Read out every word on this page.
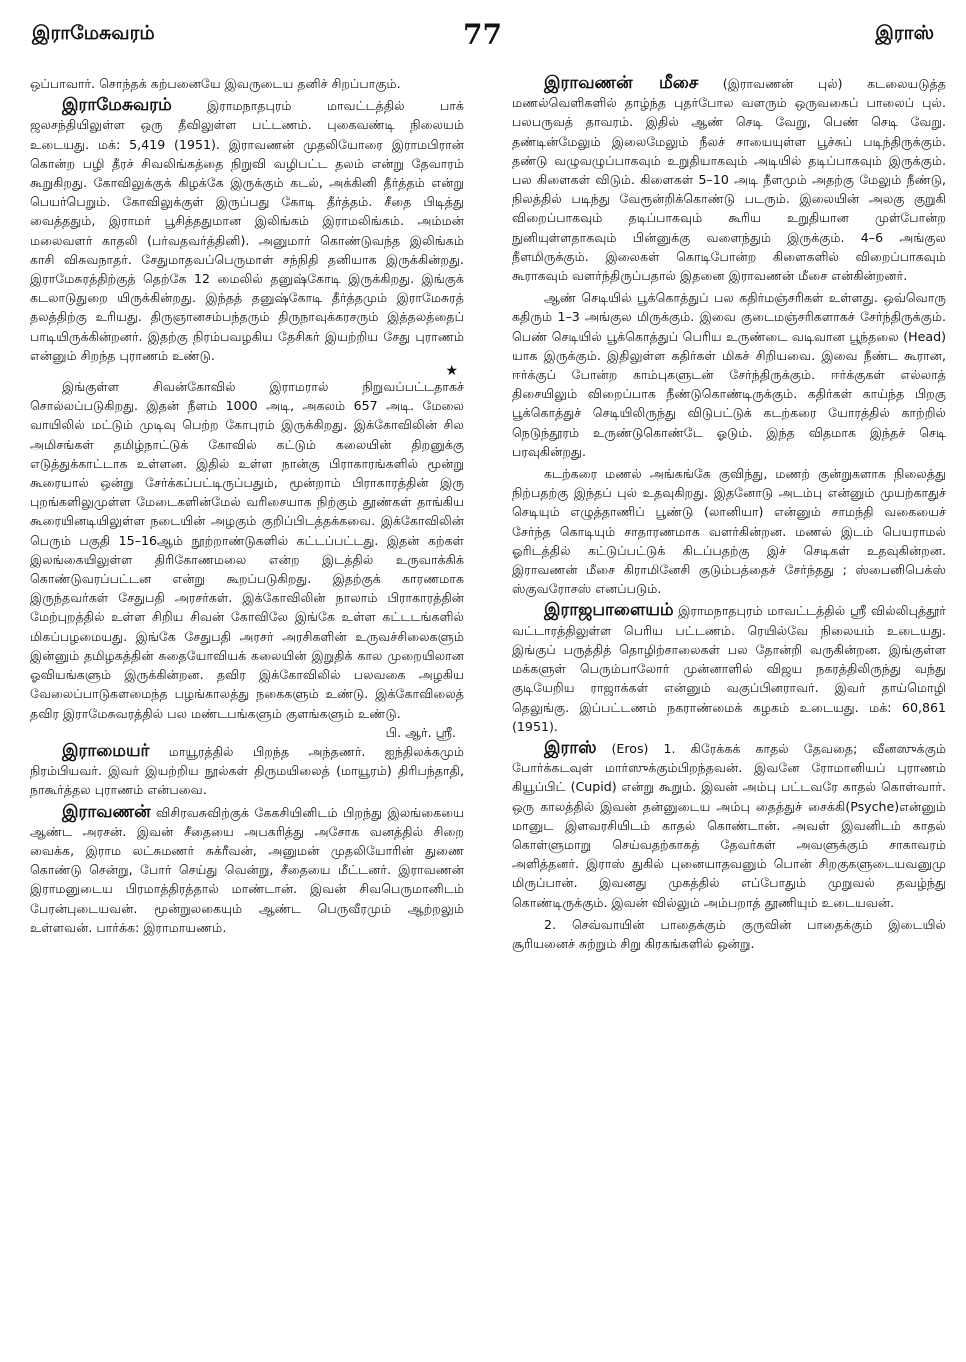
இராமேசுவரம்	77	இராஸ்

ஒப்பாவார். சொந்தக் கற்பனையே இவருடைய தனிச் சிறப்பாகும்.

இராமேசுவரம் இராமநாதபுரம் மாவட்டத்தில் பாக் ஜலசந்தியிலுள்ள ஒரு தீவிலுள்ள பட்டணம். புகைவண்டி நிலையம் உடையது. மக்: 5,419 (1951). இராவணன் முதலியோரை இராமபிரான் கொன்ற பழி தீரச் சிவலிங்கத்தை நிறுவி வழிபட்ட தலம் என்று தேவாரம் கூறுகிறது. கோவிலுக்குக் கிழக்கே இருக்கும் கடல், அக்கினி தீர்த்தம் என்று பெயர்பெறும். கோவிலுக்குள் இருப்பது கோடி தீர்த்தம். சீதை பிடித்து வைத்ததும், இராமர் பூசித்ததுமான இலிங்கம் இராமலிங்கம். அம்மன் மலைவளர் காதலி (பர்வதவர்த்தினி). அனுமார் கொண்டுவந்த இலிங்கம் காசி விசுவநாதர். சேதுமாதவப்பெருமாள் சந்நிதி தனியாக இருக்கின்றது. இராமேசுரத்திற்குத் தெற்கே 12 மைலில் தனுஷ்கோடி இருக்கிறது. இங்குக் கடலாடுதுறை யிருக்கின்றது. இந்தத் தனுஷ்கோடி தீர்த்தமும் இராமேசுரத் தலத்திற்கு உரியது. திருஞானசம்பந்தரும் திருநாவுக்கரசரும் இத்தலத்தைப் பாடியிருக்கின்றனர். இதற்கு நிரம்பவழகிய தேசிகர் இயற்றிய சேது புராணம் என்னும் சிறந்த புராணம் உண்டு.

★

இங்குள்ள சிவன்கோவில் இராமரால் நிறுவப்பட்டதாகச் சொல்லப்படுகிறது. இதன் நீளம் 1000 அடி, அகலம் 657 அடி. மேலை வாயிலில் மட்டும் முடிவு பெற்ற கோபுரம் இருக்கிறது. இக்கோவிலின் சில அமிசங்கள் தமிழ்நாட்டுக் கோவில் கட்டும் கலையின் திறனுக்கு எடுத்துக்காட்டாக உள்ளன. இதில் உள்ள நான்கு பிராகாரங்களில் மூன்று கூரையால் ஒன்று சேர்க்கப்பட்டிருப்பதும், மூன்றாம் பிராகாரத்தின் இரு புறங்களிலுமுள்ள மேடைகளின்மேல் வரிசையாக நிற்கும் தூண்கள் தாங்கிய கூரையினடியிலுள்ள நடையின் அழகும் குறிப்பிடத்தக்கவை. இக்கோவிலின் பெரும் பகுதி 15–16ஆம் நூற்றாண்டுகளில் கட்டப்பட்டது. இதன் கற்கள் இலங்கையிலுள்ள திரிகோணமலை என்ற இடத்தில் உருவாக்கிக் கொண்டுவரப்பட்டன என்று கூறப்படுகிறது. இதற்குக் காரணமாக இருந்தவர்கள் சேதுபதி அரசர்கள். இக்கோவிலின் நாலாம் பிராகாரத்தின் மேற்புறத்தில் உள்ள சிறிய சிவன் கோவிலே இங்கே உள்ள கட்டடங்களில் மிகப்பழமையது. இங்கே சேதுபதி அரசர் அரசிகளின் உருவச்சிலைகளும் இன்னும் தமிழகத்தின் சுதையோவியக் கலையின் இறுதிக் கால முறையிலான ஓவியங்களும் இருக்கின்றன. தவிர இக்கோவிலில் பலவகை அழகிய வேலைப்பாடுகளமைந்த பழங்காலத்து நகைகளும் உண்டு. இக்கோவிலைத் தவிர இராமேசுவரத்தில் பல மண்டபங்களும் குளங்களும் உண்டு.

பி. ஆர். ஸ்ரீ.

இராமையர் மாயூரத்தில் பிறந்த அந்தணர். ஐந்திலக்கமும் நிரம்பியவர். இவர் இயற்றிய நூல்கள் திருமயிலைத் (மாயூரம்) திரிபந்தாதி, நாகூர்த்தல புராணம் என்பவை.

இராவணன் விசிரவசுவிற்குக் கேகசியினிடம் பிறந்து இலங்கையை ஆண்ட அரசன். இவன் சீதையை அபகரித்து அசோக வனத்தில் சிறை வைக்க, இராம லட்சுமணர் சுக்ரீவன், அனுமன் முதலியோரின் துணை கொண்டு சென்று, போர் செய்து வென்று, சீதையை மீட்டனர். இராவணன் இராமனுடைய பிரமாத்திரத்தால் மாண்டான். இவன் சிவபெருமானிடம் பேரன்புடையவன். மூன்றுலகையும் ஆண்ட பெருவீரமும் ஆற்றலும் உள்ளவன். பார்க்க: இராமாயணம்.

இராவணன் மீசை (இராவணன் புல்) கடலையடுத்த மணல்வெளிகளில் தாழ்ந்த புதர்போல வளரும் ஒருவகைப் பாலைப் புல். பலபருவத் தாவரம். இதில் ஆண் செடி வேறு, பெண் செடி வேறு. தண்டின்மேலும் இலைமேலும் நீலச் சாயையுள்ள பூச்சுப் படிந்திருக்கும். தண்டு வழுவழுப்பாகவும் உறுதியாகவும் அடியில் தடிப்பாகவும் இருக்கும். பல கிளைகள் விடும். கிளைகள் 5–10 அடி நீளமும் அதற்கு மேலும் நீண்டு, நிலத்தில் படிந்து வேரூன்றிக்கொண்டு படரும். இலையின் அலகு குறுகி விறைப்பாகவும் தடிப்பாகவும் கூரிய உறுதியான முள்போன்ற நுனியுள்ளதாகவும் பின்னுக்கு வளைந்தும் இருக்கும். 4–6 அங்குல நீளமிருக்கும். இலைகள் கொடிபோன்ற கிளைகளில் விறைப்பாகவும் கூராகவும் வளர்ந்திருப்பதால் இதனை இராவணன் மீசை என்கின்றனர்.

ஆண் செடியில் பூக்கொத்துப் பல கதிர்மஞ்சரிகள் உள்ளது. ஒவ்வொரு கதிரும் 1–3 அங்குல மிருக்கும். இவை குடைமஞ்சரிகளாகச் சேர்ந்திருக்கும். பெண் செடியில் பூக்கொத்துப் பெரிய உருண்டை வடிவான பூந்தலை (Head) யாக இருக்கும். இதிலுள்ள கதிர்கள் மிகச் சிறியவை. இவை நீண்ட கூரான, ஈர்க்குப் போன்ற காம்புகளுடன் சேர்ந்திருக்கும். ஈர்க்குகள் எல்லாத் திசையிலும் விறைப்பாக நீண்டுகொண்டிருக்கும். கதிர்கள் காய்ந்த பிறகு பூக்கொத்துச் செடியிலிருந்து விடுபட்டுக் கடற்கரை யோரத்தில் காற்றில் நெடுந்தூரம் உருண்டுகொண்டே ஓடும். இந்த விதமாக இந்தச் செடி பரவுகின்றது.

கடற்கரை மணல் அங்கங்கே குவிந்து, மணற் குன்றுகளாக நிலைத்து நிற்பதற்கு இந்தப் புல் உதவுகிறது. இதனோடு அடம்பு என்னும் முயற்காதுச் செடியும் எழுத்தாணிப் பூண்டு (லானியா) என்னும் சாமந்தி வகையைச் சேர்ந்த கொடியும் சாதாரணமாக வளர்கின்றன. மணல் இடம் பெயராமல் ஓரிடத்தில் கட்டுப்பட்டுக் கிடப்பதற்கு இச் செடிகள் உதவுகின்றன. இராவணன் மீசை கிராமினேசி குடும்பத்தைச் சேர்ந்தது ; ஸ்பைனிபெக்ஸ் ஸ்குவரோசஸ் எனப்படும்.

இராஜபாளையம் இராமநாதபுரம் மாவட்டத்தில் ஸ்ரீ வில்லிபுத்தூர் வட்டாரத்திலுள்ள பெரிய பட்டணம். ரெயில்வே நிலையம் உடையது. இங்குப் பருத்தித் தொழிற்சாலைகள் பல தோன்றி வருகின்றன. இங்குள்ள மக்களுள் பெரும்பாலோர் முன்னாளில் விஜய நகரத்திலிருந்து வந்து குடியேறிய ராஜாக்கள் என்னும் வகுப்பினராவர். இவர் தாய்மொழி தெலுங்கு. இப்பட்டணம் நகராண்மைக் கழகம் உடையது. மக்: 60,861 (1951).

இராஸ் (Eros) 1. கிரேக்கக் காதல் தேவதை; வீனஸுக்கும் போர்க்கடவுள் மார்ஸுக்கும்பிறந்தவன். இவனே ரோமானியப் புராணம் கியூப்பிட் (Cupid) என்று கூறும். இவன் அம்பு பட்டவரே காதல் கொள்வார். ஒரு காலத்தில் இவன் தன்னுடைய அம்பு தைத்துச் சைக்கி(Psyche)என்னும் மானுட இளவரசியிடம் காதல் கொண்டான். அவள் இவனிடம் காதல் கொள்ளுமாறு செய்வதற்காகத் தேவர்கள் அவளுக்கும் சாகாவரம் அளித்தனர். இராஸ் துகில் புனையாதவனும் பொன் சிறகுகளுடையவனுமு மிருப்பான். இவனது முகத்தில் எப்போதும் முறுவல் தவழ்ந்து கொண்டிருக்கும். இவன் வில்லும் அம்பறாத் தூணியும் உடையவன்.

2. செவ்வாயின் பாதைக்கும் குருவின் பாதைக்கும் இடையில் சூரியனைச் சுற்றும் சிறு கிரகங்களில் ஒன்று.
